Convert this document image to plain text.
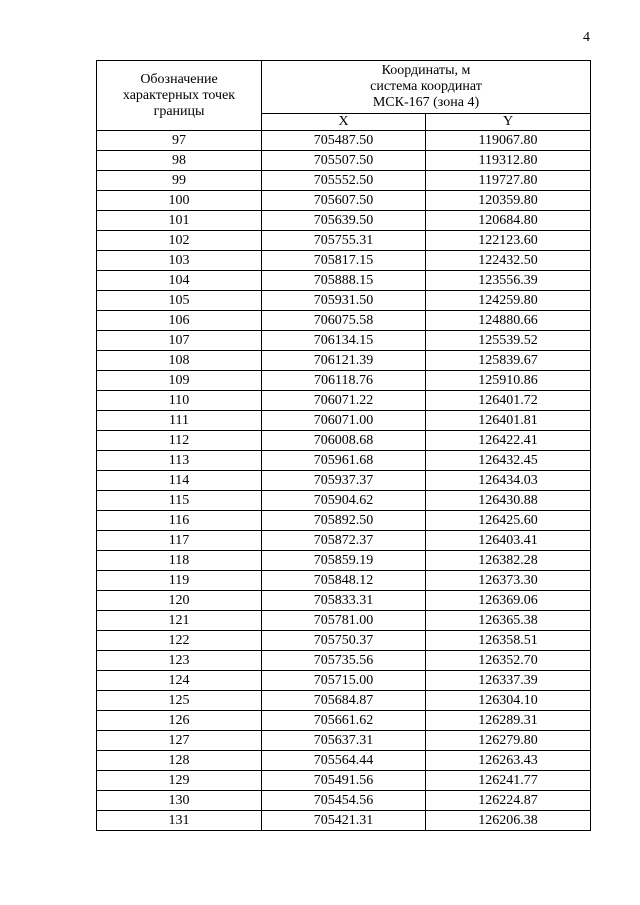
4
Обозначение
характерных точек
границы	Координаты, м
система координат
МСК-167 (зона 4)	

	X	Y
97	705487.50	119067.80
98	705507.50	119312.80
99	705552.50	119727.80
100	705607.50	120359.80
101	705639.50	120684.80
102	705755.31	122123.60
103	705817.15	122432.50
104	705888.15	123556.39
105	705931.50	124259.80
106	706075.58	124880.66
107	706134.15	125539.52
108	706121.39	125839.67
109	706118.76	125910.86
110	706071.22	126401.72
111	706071.00	126401.81
112	706008.68	126422.41
113	705961.68	126432.45
114	705937.37	126434.03
115	705904.62	126430.88
116	705892.50	126425.60
117	705872.37	126403.41
118	705859.19	126382.28
119	705848.12	126373.30
120	705833.31	126369.06
121	705781.00	126365.38
122	705750.37	126358.51
123	705735.56	126352.70
124	705715.00	126337.39
125	705684.87	126304.10
126	705661.62	126289.31
127	705637.31	126279.80
128	705564.44	126263.43
129	705491.56	126241.77
130	705454.56	126224.87
131	705421.31	126206.38
